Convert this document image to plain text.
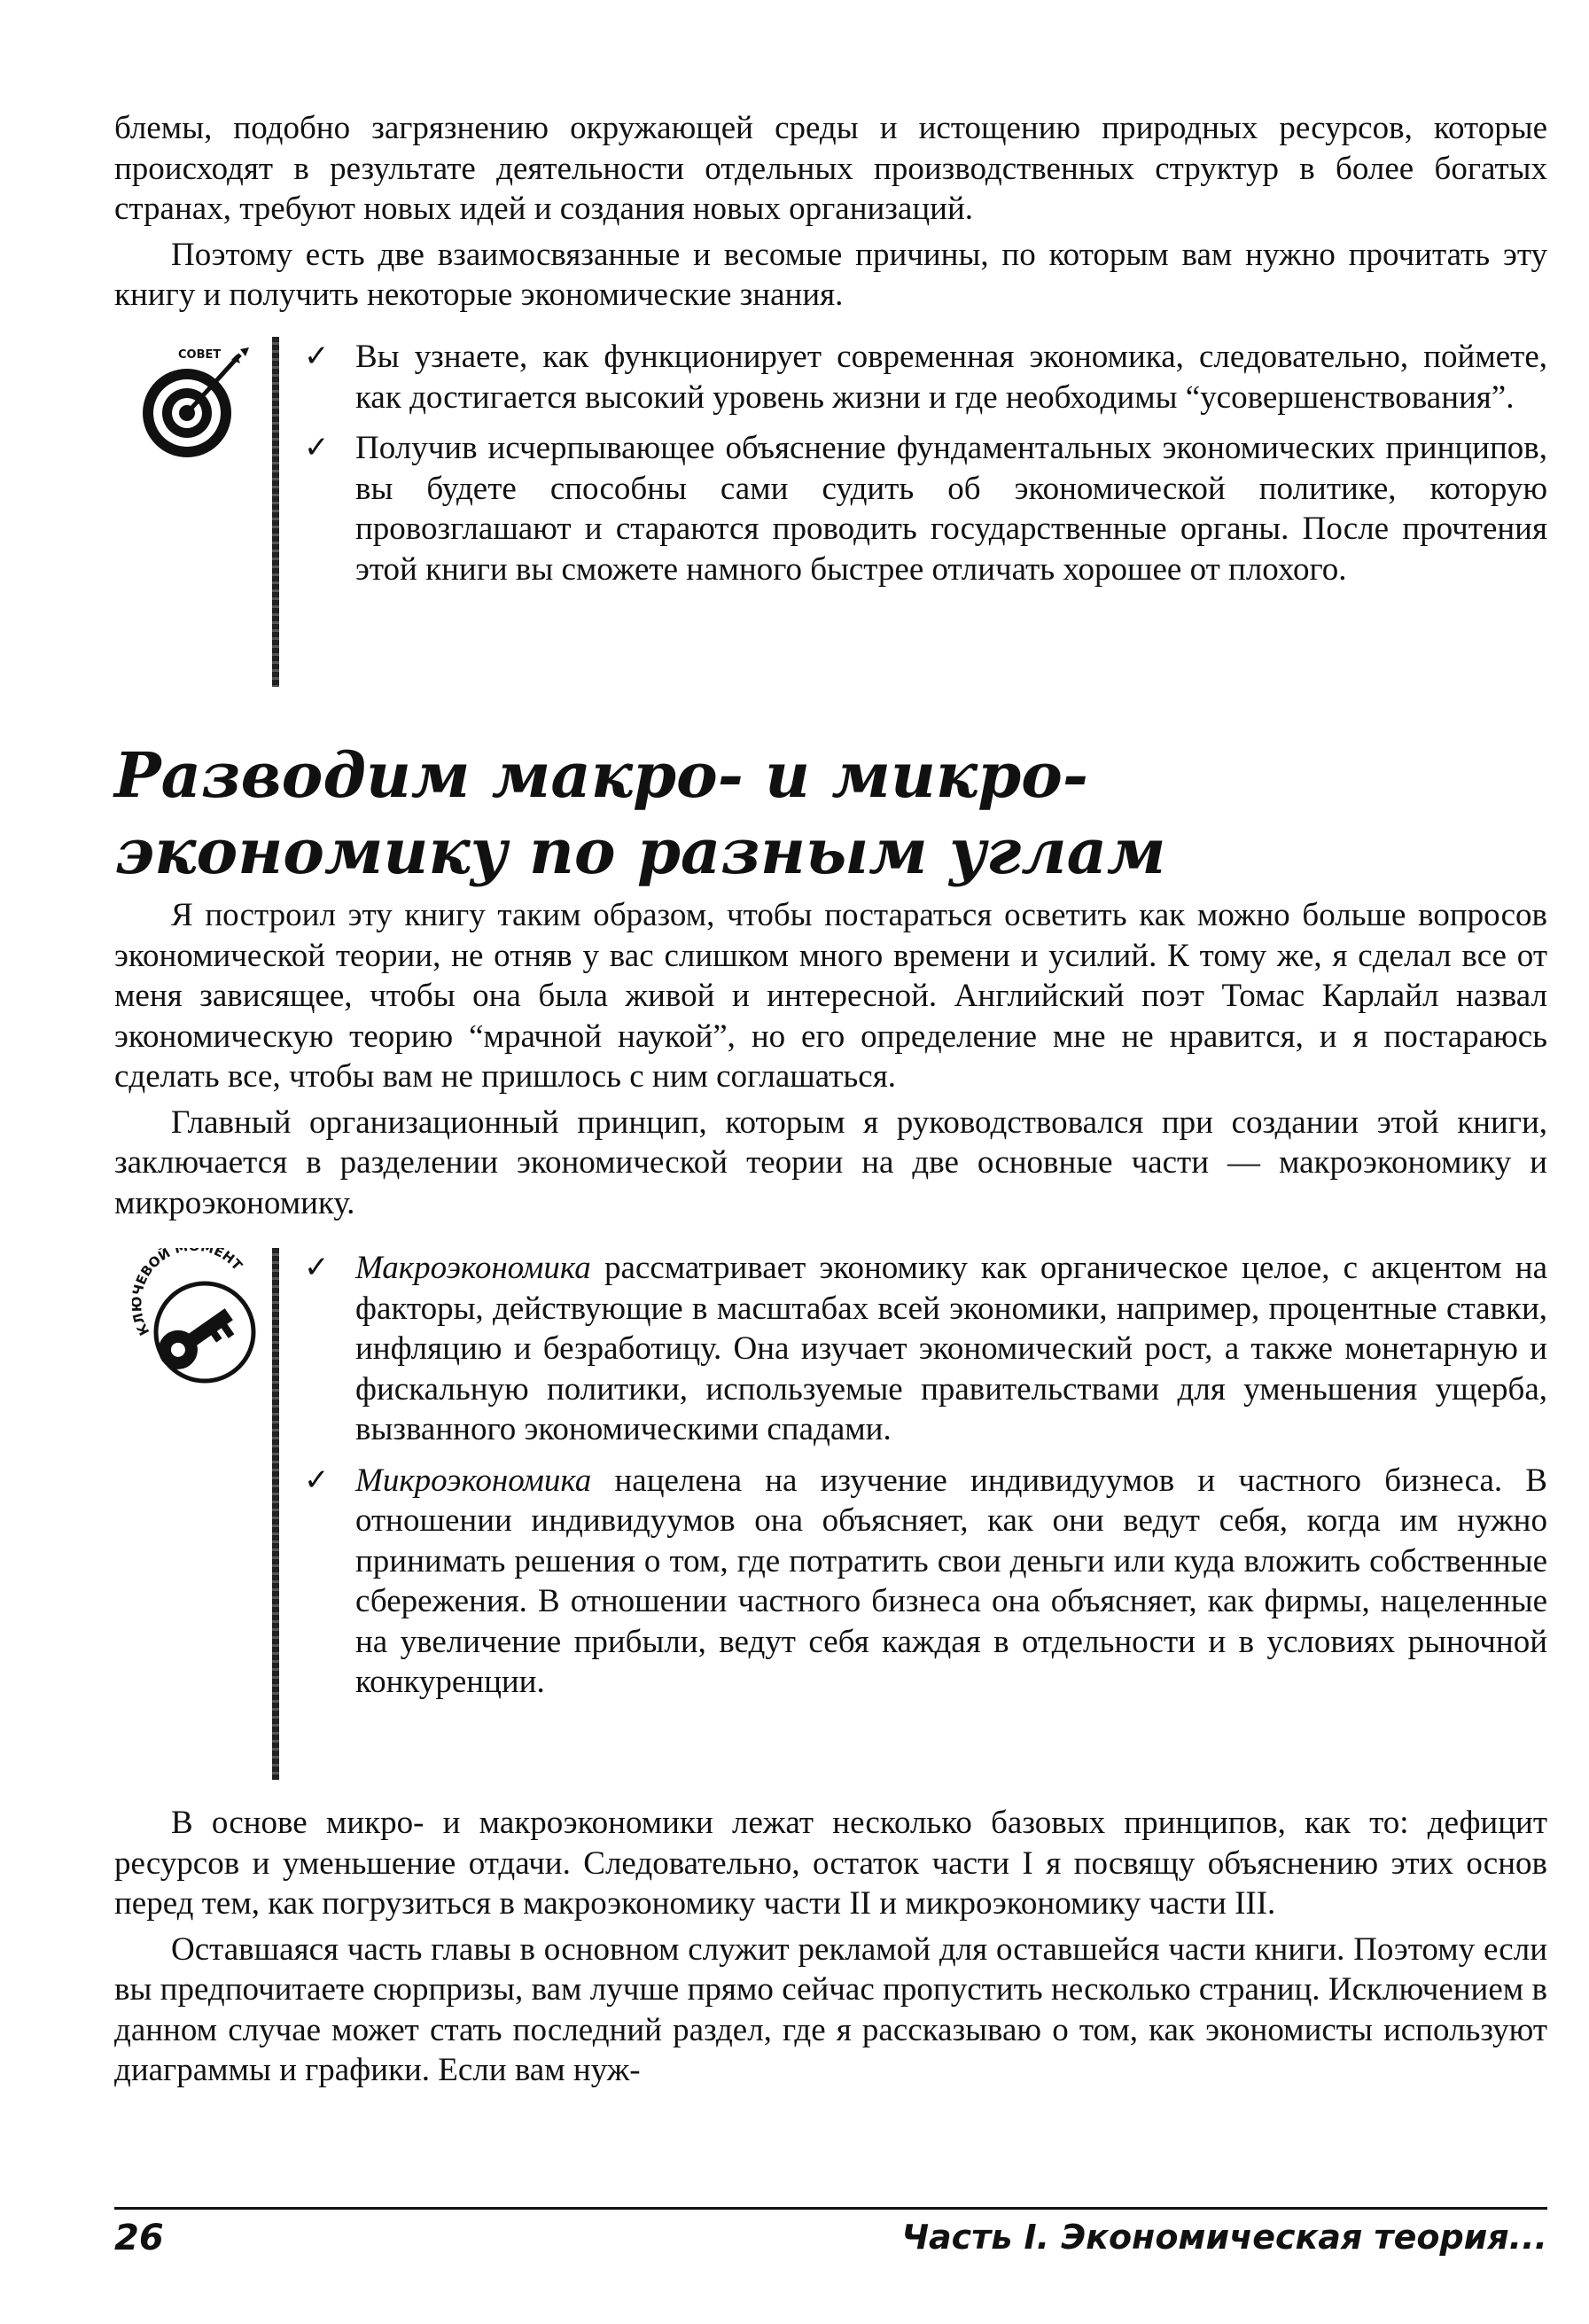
блемы, подобно загрязнению окружающей среды и истощению природных ресурсов, которые происходят в результате деятельности отдельных производственных структур в более богатых странах, требуют новых идей и создания новых организаций.

Поэтому есть две взаимосвязанные и весомые причины, по которым вам нужно прочитать эту книгу и получить некоторые экономические знания.

СОВЕТ	✓ Вы узнаете, как функционирует современная экономика, следовательно, поймете, как достигается высокий уровень жизни и где необходимы “усовершенствования”.
✓ Получив исчерпывающее объяснение фундаментальных экономических принципов, вы будете способны сами судить об экономической политике, которую провозглашают и стараются проводить государственные органы. После прочтения этой книги вы сможете намного быстрее отличать хорошее от плохого.
Разводим макро- и микро-
экономику по разным углам

Я построил эту книгу таким образом, чтобы постараться осветить как можно больше вопросов экономической теории, не отняв у вас слишком много времени и усилий. К тому же, я сделал все от меня зависящее, чтобы она была живой и интересной. Английский поэт Томас Карлайл назвал экономическую теорию “мрачной наукой”, но его определение мне не нравится, и я постараюсь сделать все, чтобы вам не пришлось с ним соглашаться.

Главный организационный принцип, которым я руководствовался при создании этой книги, заключается в разделении экономической теории на две основные части — макроэкономику и микроэкономику.

К ЕВОЙ ЕНТ ✓ Макроэкономика рассматривает экономику как органическое целое, с акцентом на факторы, действующие в масштабах всей экономики, например, процентные ставки, инфляцию и безработицу. Она изучает экономический рост, а также монетарную и фискальную политики, используемые правительствами для уменьшения ущерба, вызванного экономическими спадами.
✓ Микроэкономика нацелена на изучение индивидуумов и частного бизнеса. В отношении индивидуумов она объясняет, как они ведут себя, когда им нужно принимать решения о том, где потратить свои деньги или куда вложить собственные сбережения. В отношении частного бизнеса она объясняет, как фирмы, нацеленные на увеличение прибыли, ведут себя каждая в отдельности и в условиях рыночной конкуренции.

В основе микро- и макроэкономики лежат несколько базовых принципов, как то: дефицит ресурсов и уменьшение отдачи. Следовательно, остаток части I я посвящу объяснению этих основ перед тем, как погрузиться в макроэкономику части II и микроэкономику части III.

Оставшаяся часть главы в основном служит рекламой для оставшейся части книги. Поэтому если вы предпочитаете сюрпризы, вам лучше прямо сейчас пропустить несколько страниц. Исключением в данном случае может стать последний раздел, где я рассказываю о том, как экономисты используют диаграммы и графики. Если вам нуж-

26	Часть I. Экономическая теория...
